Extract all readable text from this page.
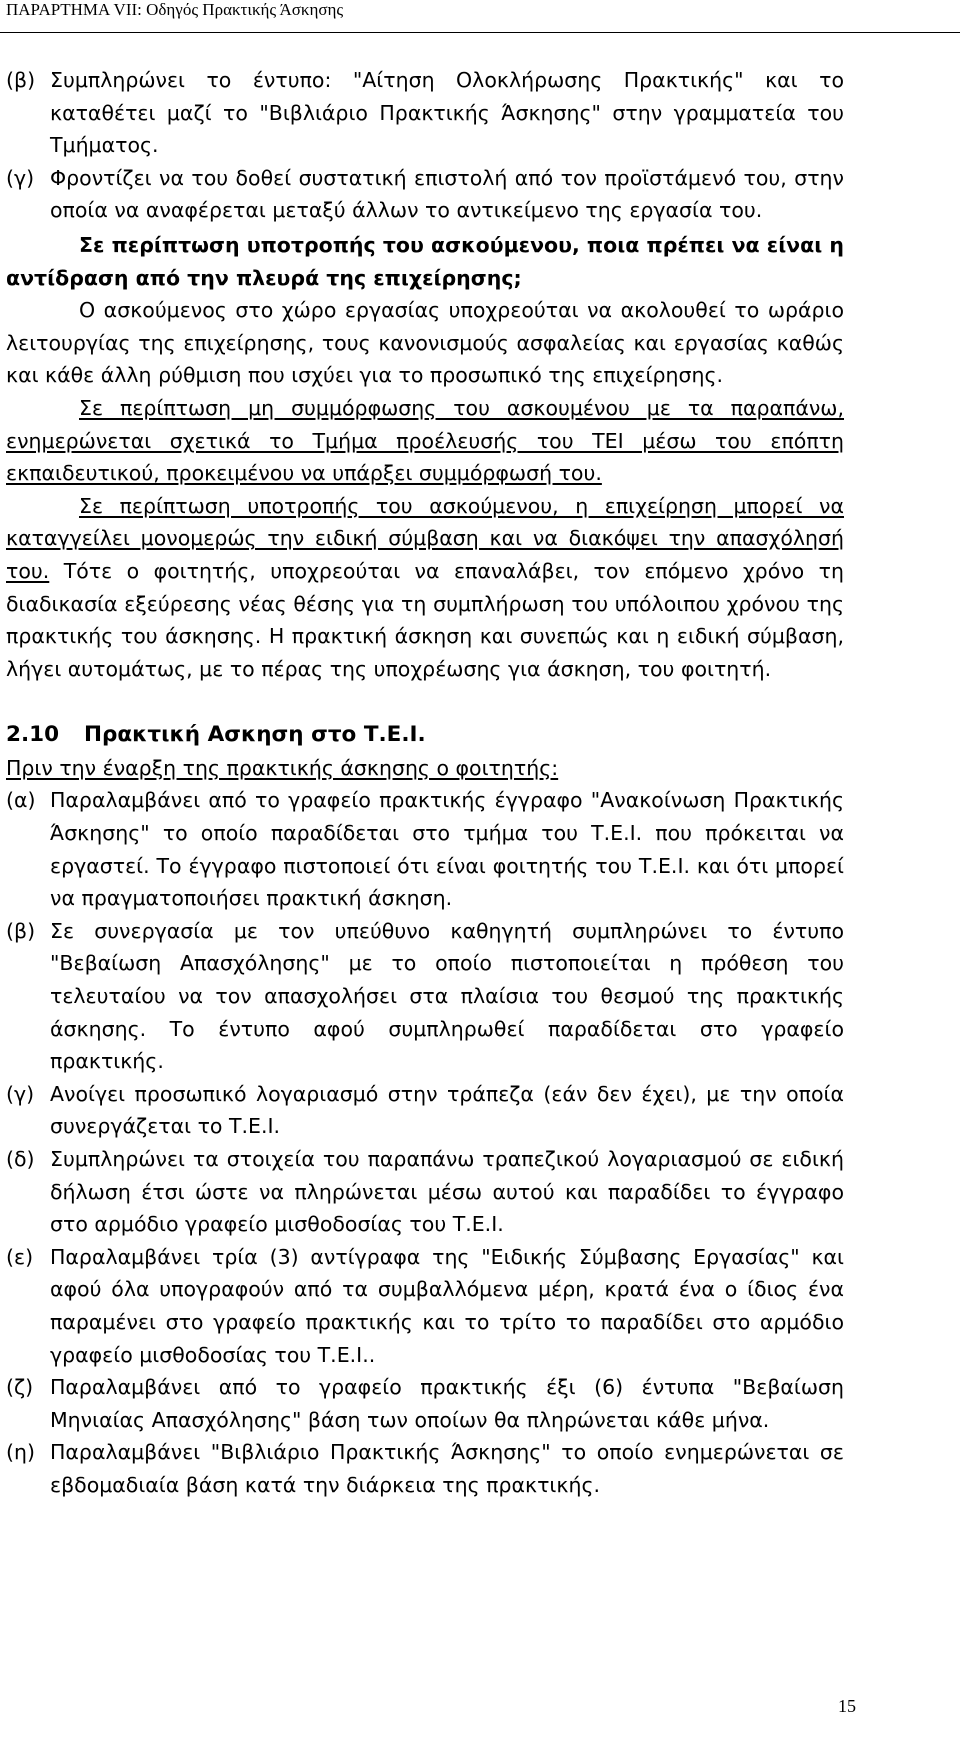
ΠΑΡΑΡΤΗΜΑ VII: Οδηγός Πρακτικής Άσκησης
(β) Συμπληρώνει το έντυπο: "Αίτηση Ολοκλήρωσης Πρακτικής" και το καταθέτει μαζί το "Βιβλιάριο Πρακτικής Άσκησης" στην γραμματεία του Τμήματος.
(γ) Φροντίζει να του δοθεί συστατική επιστολή από τον προϊστάμενό του, στην οποία να αναφέρεται μεταξύ άλλων το αντικείμενο της εργασία του.

Σε περίπτωση υποτροπής του ασκούμενου, ποια πρέπει να είναι η αντίδραση από την πλευρά της επιχείρησης;

Ο ασκούμενος στο χώρο εργασίας υποχρεούται να ακολουθεί το ωράριο λειτουργίας της επιχείρησης, τους κανονισμούς ασφαλείας και εργασίας καθώς και κάθε άλλη ρύθμιση που ισχύει για το προσωπικό της επιχείρησης.

Σε περίπτωση μη συμμόρφωσης του ασκουμένου με τα παραπάνω, ενημερώνεται σχετικά το Τμήμα προέλευσής του ΤΕΙ μέσω του επόπτη εκπαιδευτικού, προκειμένου να υπάρξει συμμόρφωσή του.

Σε περίπτωση υποτροπής του ασκούμενου, η επιχείρηση μπορεί να καταγγείλει μονομερώς την ειδική σύμβαση και να διακόψει την απασχόλησή του. Τότε ο φοιτητής, υποχρεούται να επαναλάβει, τον επόμενο χρόνο τη διαδικασία εξεύρεσης νέας θέσης για τη συμπλήρωση του υπόλοιπου χρόνου της πρακτικής του άσκησης. Η πρακτική άσκηση και συνεπώς και η ειδική σύμβαση, λήγει αυτομάτως, με το πέρας της υποχρέωσης για άσκηση, του φοιτητή.

2.10 Πρακτική Ασκηση στο Τ.Ε.Ι.

Πριν την έναρξη της πρακτικής άσκησης ο φοιτητής:

(α) Παραλαμβάνει από το γραφείο πρακτικής έγγραφο "Ανακοίνωση Πρακτικής Άσκησης" το οποίο παραδίδεται στο τμήμα του Τ.Ε.Ι. που πρόκειται να εργαστεί. Το έγγραφο πιστοποιεί ότι είναι φοιτητής του Τ.Ε.Ι. και ότι μπορεί να πραγματοποιήσει πρακτική άσκηση.
(β) Σε συνεργασία με τον υπεύθυνο καθηγητή συμπληρώνει το έντυπο "Βεβαίωση Απασχόλησης" με το οποίο πιστοποιείται η πρόθεση του τελευταίου να τον απασχολήσει στα πλαίσια του θεσμού της πρακτικής άσκησης. Το έντυπο αφού συμπληρωθεί παραδίδεται στο γραφείο πρακτικής.
(γ) Ανοίγει προσωπικό λογαριασμό στην τράπεζα (εάν δεν έχει), με την οποία συνεργάζεται το Τ.Ε.Ι.
(δ) Συμπληρώνει τα στοιχεία του παραπάνω τραπεζικού λογαριασμού σε ειδική δήλωση έτσι ώστε να πληρώνεται μέσω αυτού και παραδίδει το έγγραφο στο αρμόδιο γραφείο μισθοδοσίας του Τ.Ε.Ι.
(ε) Παραλαμβάνει τρία (3) αντίγραφα της "Ειδικής Σύμβασης Εργασίας" και αφού όλα υπογραφούν από τα συμβαλλόμενα μέρη, κρατά ένα ο ίδιος ένα παραμένει στο γραφείο πρακτικής και το τρίτο το παραδίδει στο αρμόδιο γραφείο μισθοδοσίας του Τ.Ε.Ι..
(ζ) Παραλαμβάνει από το γραφείο πρακτικής έξι (6) έντυπα "Βεβαίωση Μηνιαίας Απασχόλησης" βάση των οποίων θα πληρώνεται κάθε μήνα.
(η) Παραλαμβάνει "Βιβλιάριο Πρακτικής Άσκησης" το οποίο ενημερώνεται σε εβδομαδιαία βάση κατά την διάρκεια της πρακτικής.
15
